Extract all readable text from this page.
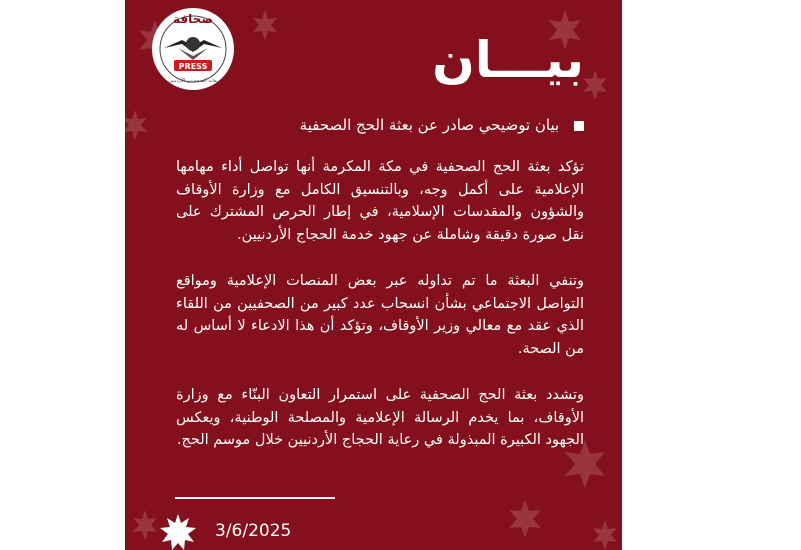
صحافة
PRESS
نقابة الصحفيين الأردنيين	بيـــان
بيان توضيحي صادر عن بعثة الحج الصحفية

تؤكد بعثة الحج الصحفية في مكة المكرمة أنها تواصل أداء مهامها الإعلامية على أكمل وجه، وبالتنسيق الكامل مع وزارة الأوقاف والشؤون والمقدسات الإسلامية، في إطار الحرص المشترك على نقل صورة دقيقة وشاملة عن جهود خدمة الحجاج الأردنيين.

وتنفي البعثة ما تم تداوله عبر بعض المنصات الإعلامية ومواقع التواصل الاجتماعي بشأن انسحاب عدد كبير من الصحفيين من اللقاء الذي عقد مع معالي وزير الأوقاف، وتؤكد أن هذا الادعاء لا أساس له من الصحة.

وتشدد بعثة الحج الصحفية على استمرار التعاون البنّاء مع وزارة الأوقاف، بما يخدم الرسالة الإعلامية والمصلحة الوطنية، ويعكس الجهود الكبيرة المبذولة في رعاية الحجاج الأردنيين خلال موسم الحج.

3/6/2025
